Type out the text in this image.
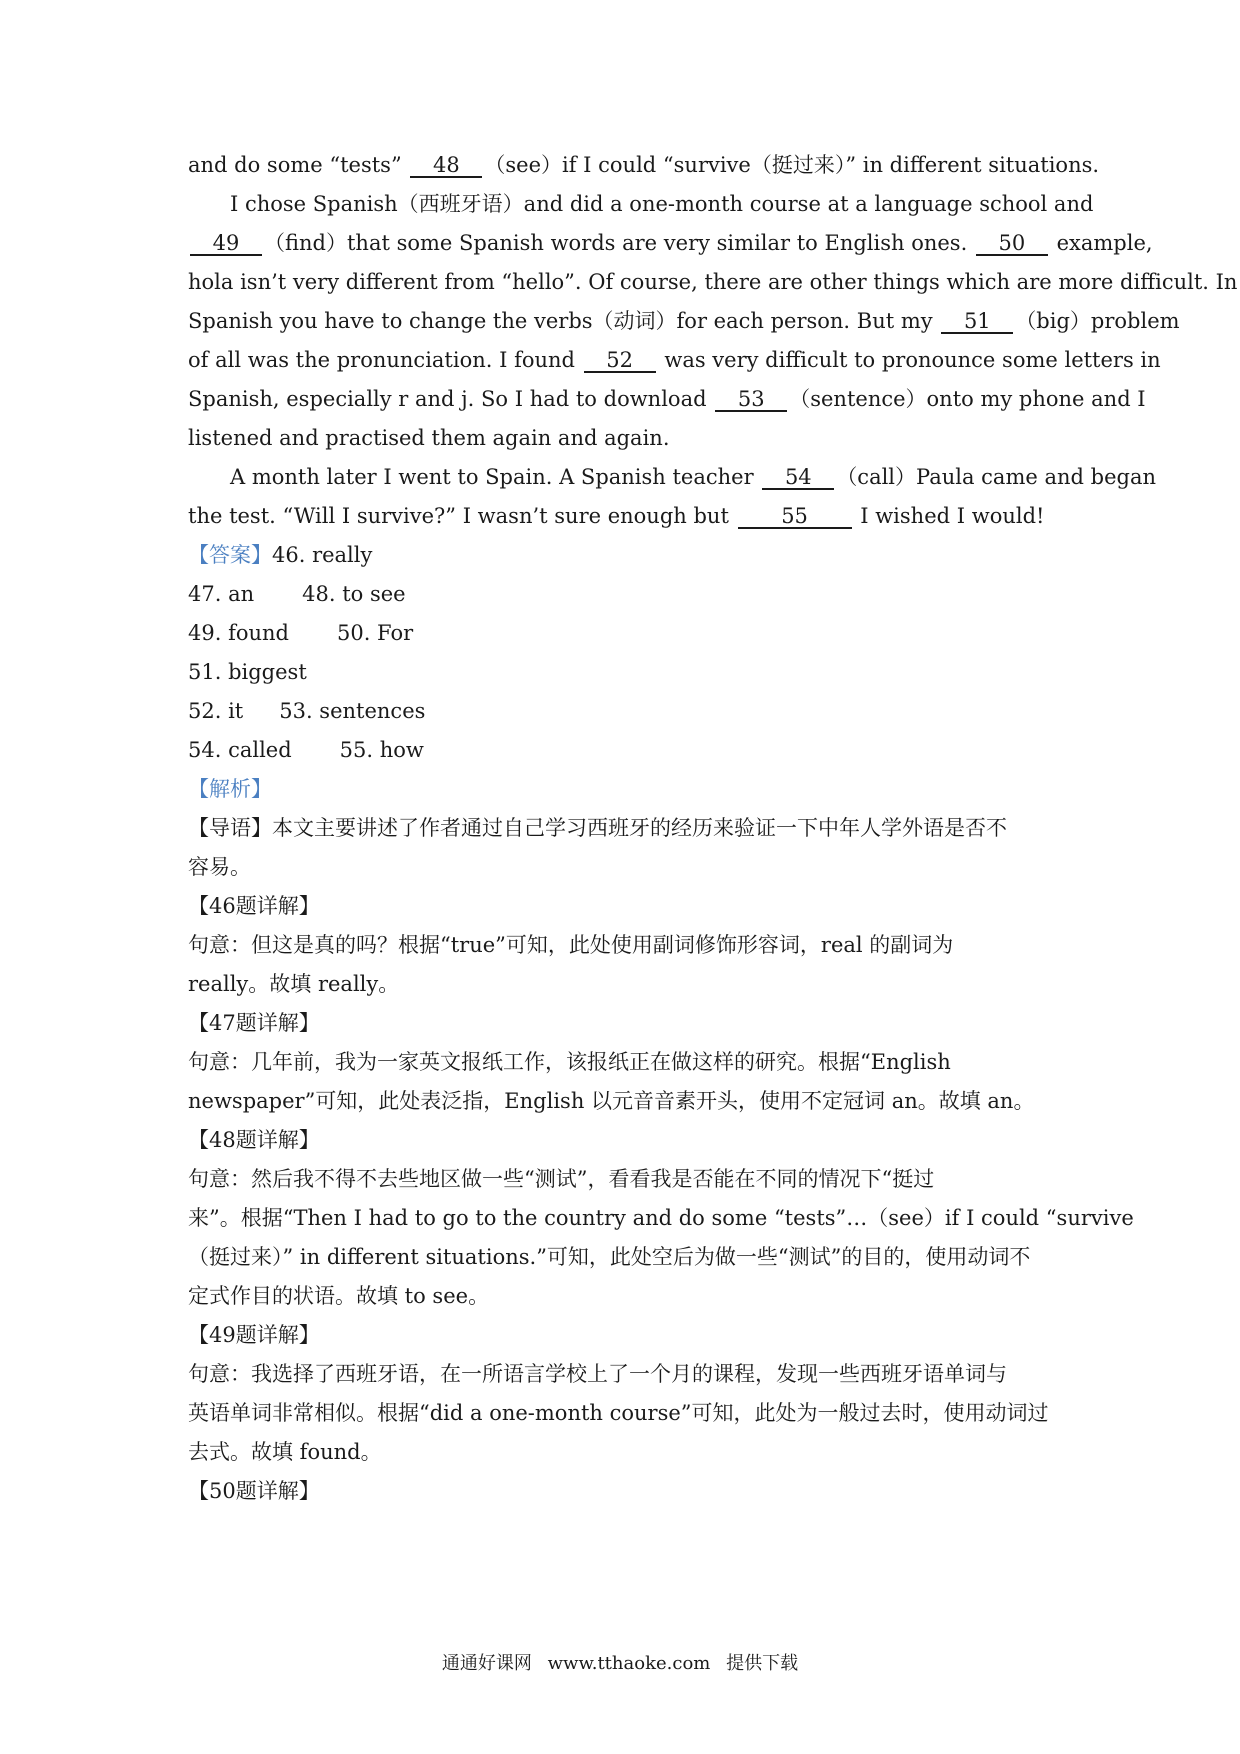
and do some “tests” 48 （see）if I could “survive（挺过来）” in different situations.
I chose Spanish（西班牙语）and did a one-month course at a language school and
49 （find）that some Spanish words are very similar to English ones. 50 example,
hola isn’t very different from “hello”. Of course, there are other things which are more difficult. In
Spanish you have to change the verbs（动词）for each person. But my 51 （big）problem
of all was the pronunciation. I found 52 was very difficult to pronounce some letters in
Spanish, especially r and j. So I had to download 53 （sentence）onto my phone and I
listened and practised them again and again.
A month later I went to Spain. A Spanish teacher 54 （call）Paula came and began
the test. “Will I survive?” I wasn’t sure enough but 55 I wished I would!
【答案】46. really
47. an 48. to see
49. found 50. For
51. biggest
52. it 53. sentences
54. called 55. how
【解析】
【导语】本文主要讲述了作者通过自己学习西班牙的经历来验证一下中年人学外语是否不
容易。
【46题详解】
句意：但这是真的吗？根据“true”可知，此处使用副词修饰形容词，real 的副词为
really。故填 really。
【47题详解】
句意：几年前，我为一家英文报纸工作，该报纸正在做这样的研究。根据“English
newspaper”可知，此处表泛指，English 以元音音素开头，使用不定冠词 an。故填 an。
【48题详解】
句意：然后我不得不去些地区做一些“测试”，看看我是否能在不同的情况下“挺过
来”。根据“Then I had to go to the country and do some “tests”…（see）if I could “survive
（挺过来）” in different situations.”可知，此处空后为做一些“测试”的目的，使用动词不
定式作目的状语。故填 to see。
【49题详解】
句意：我选择了西班牙语，在一所语言学校上了一个月的课程，发现一些西班牙语单词与
英语单词非常相似。根据“did a one-month course”可知，此处为一般过去时，使用动词过
去式。故填 found。
【50题详解】
通通好课网 www.tthaoke.com 提供下载
